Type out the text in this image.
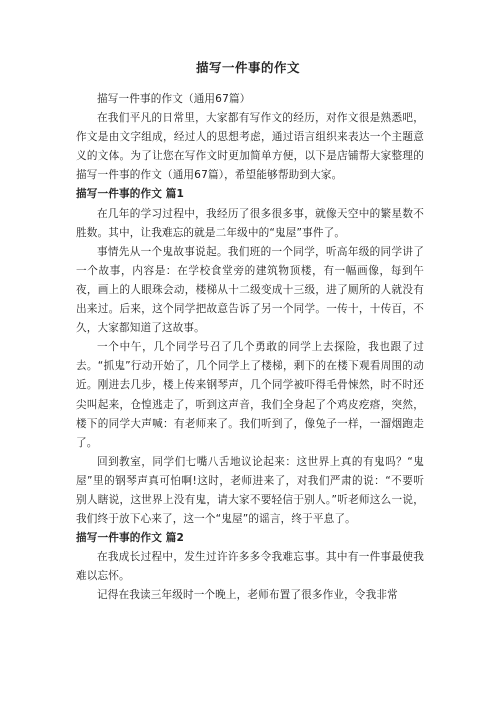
描写一件事的作文

描写一件事的作文（通用67篇）

在我们平凡的日常里，大家都有写作文的经历，对作文很是熟悉吧，作文是由文字组成，经过人的思想考虑，通过语言组织来表达一个主题意义的文体。为了让您在写作文时更加简单方便，以下是店铺帮大家整理的描写一件事的作文（通用67篇），希望能够帮助到大家。

描写一件事的作文 篇1

在几年的学习过程中，我经历了很多很多事，就像天空中的繁星数不胜数。其中，让我难忘的就是二年级中的“鬼屋”事件了。

事情先从一个鬼故事说起。我们班的一个同学，听高年级的同学讲了一个故事，内容是：在学校食堂旁的建筑物顶楼，有一幅画像，每到午夜，画上的人眼珠会动，楼梯从十二级变成十三级，进了厕所的人就没有出来过。后来，这个同学把故意告诉了另一个同学。一传十，十传百，不久，大家都知道了这故事。

一个中午，几个同学号召了几个勇敢的同学上去探险，我也跟了过去。“抓鬼”行动开始了，几个同学上了楼梯，剩下的在楼下观看周围的动近。刚进去几步，楼上传来钢琴声，几个同学被吓得毛骨悚然，时不时还尖叫起来，仓惶逃走了，听到这声音，我们全身起了个鸡皮疙瘩，突然，楼下的同学大声喊：有老师来了。我们听到了，像兔子一样，一溜烟跑走了。

回到教室，同学们七嘴八舌地议论起来：这世界上真的有鬼吗？“鬼屋”里的钢琴声真可怕啊!这时，老师进来了，对我们严肃的说：“不要听别人瞎说，这世界上没有鬼，请大家不要轻信于别人。”听老师这么一说，我们终于放下心来了，这一个“鬼屋”的谣言，终于平息了。

描写一件事的作文 篇2

在我成长过程中，发生过许许多多令我难忘事。其中有一件事最使我难以忘怀。

记得在我读三年级时一个晚上，老师布置了很多作业，令我非常
